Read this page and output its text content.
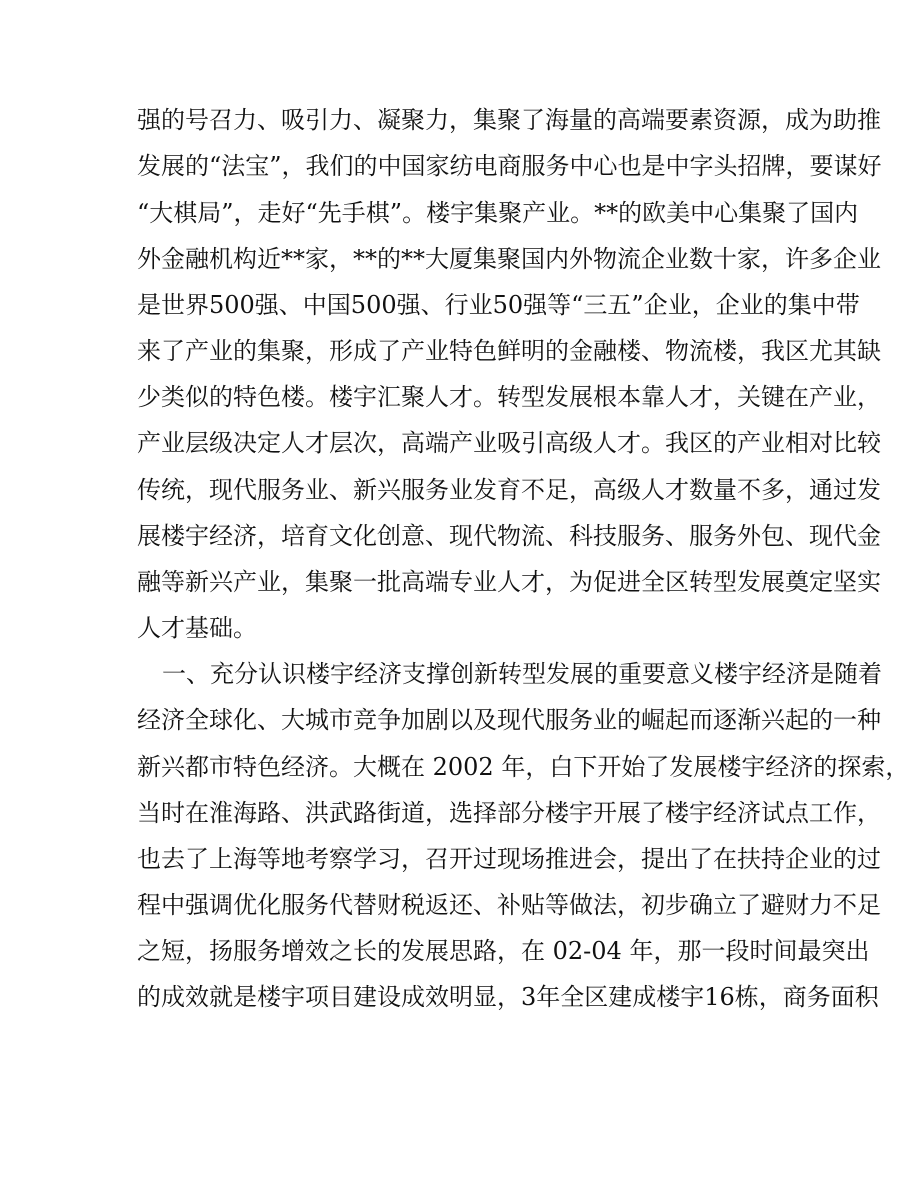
强的号召力、吸引力、凝聚力，集聚了海量的高端要素资源，成为助推
发展的“法宝”，我们的中国家纺电商服务中心也是中字头招牌，要谋好
“大棋局”，走好“先手棋”。楼宇集聚产业。**的欧美中心集聚了国内
外金融机构近**家，**的**大厦集聚国内外物流企业数十家，许多企业
是世界500强、中国500强、行业50强等“三五”企业，企业的集中带
来了产业的集聚，形成了产业特色鲜明的金融楼、物流楼，我区尤其缺
少类似的特色楼。楼宇汇聚人才。转型发展根本靠人才，关键在产业，
产业层级决定人才层次，高端产业吸引高级人才。我区的产业相对比较
传统，现代服务业、新兴服务业发育不足，高级人才数量不多，通过发
展楼宇经济，培育文化创意、现代物流、科技服务、服务外包、现代金
融等新兴产业，集聚一批高端专业人才，为促进全区转型发展奠定坚实
人才基础。
一、充分认识楼宇经济支撑创新转型发展的重要意义楼宇经济是随着
经济全球化、大城市竞争加剧以及现代服务业的崛起而逐渐兴起的一种
新兴都市特色经济。大概在 2002 年，白下开始了发展楼宇经济的探索，
当时在淮海路、洪武路街道，选择部分楼宇开展了楼宇经济试点工作，
也去了上海等地考察学习，召开过现场推进会，提出了在扶持企业的过
程中强调优化服务代替财税返还、补贴等做法，初步确立了避财力不足
之短，扬服务增效之长的发展思路，在 02-04 年，那一段时间最突出
的成效就是楼宇项目建设成效明显，3年全区建成楼宇16栋，商务面积
